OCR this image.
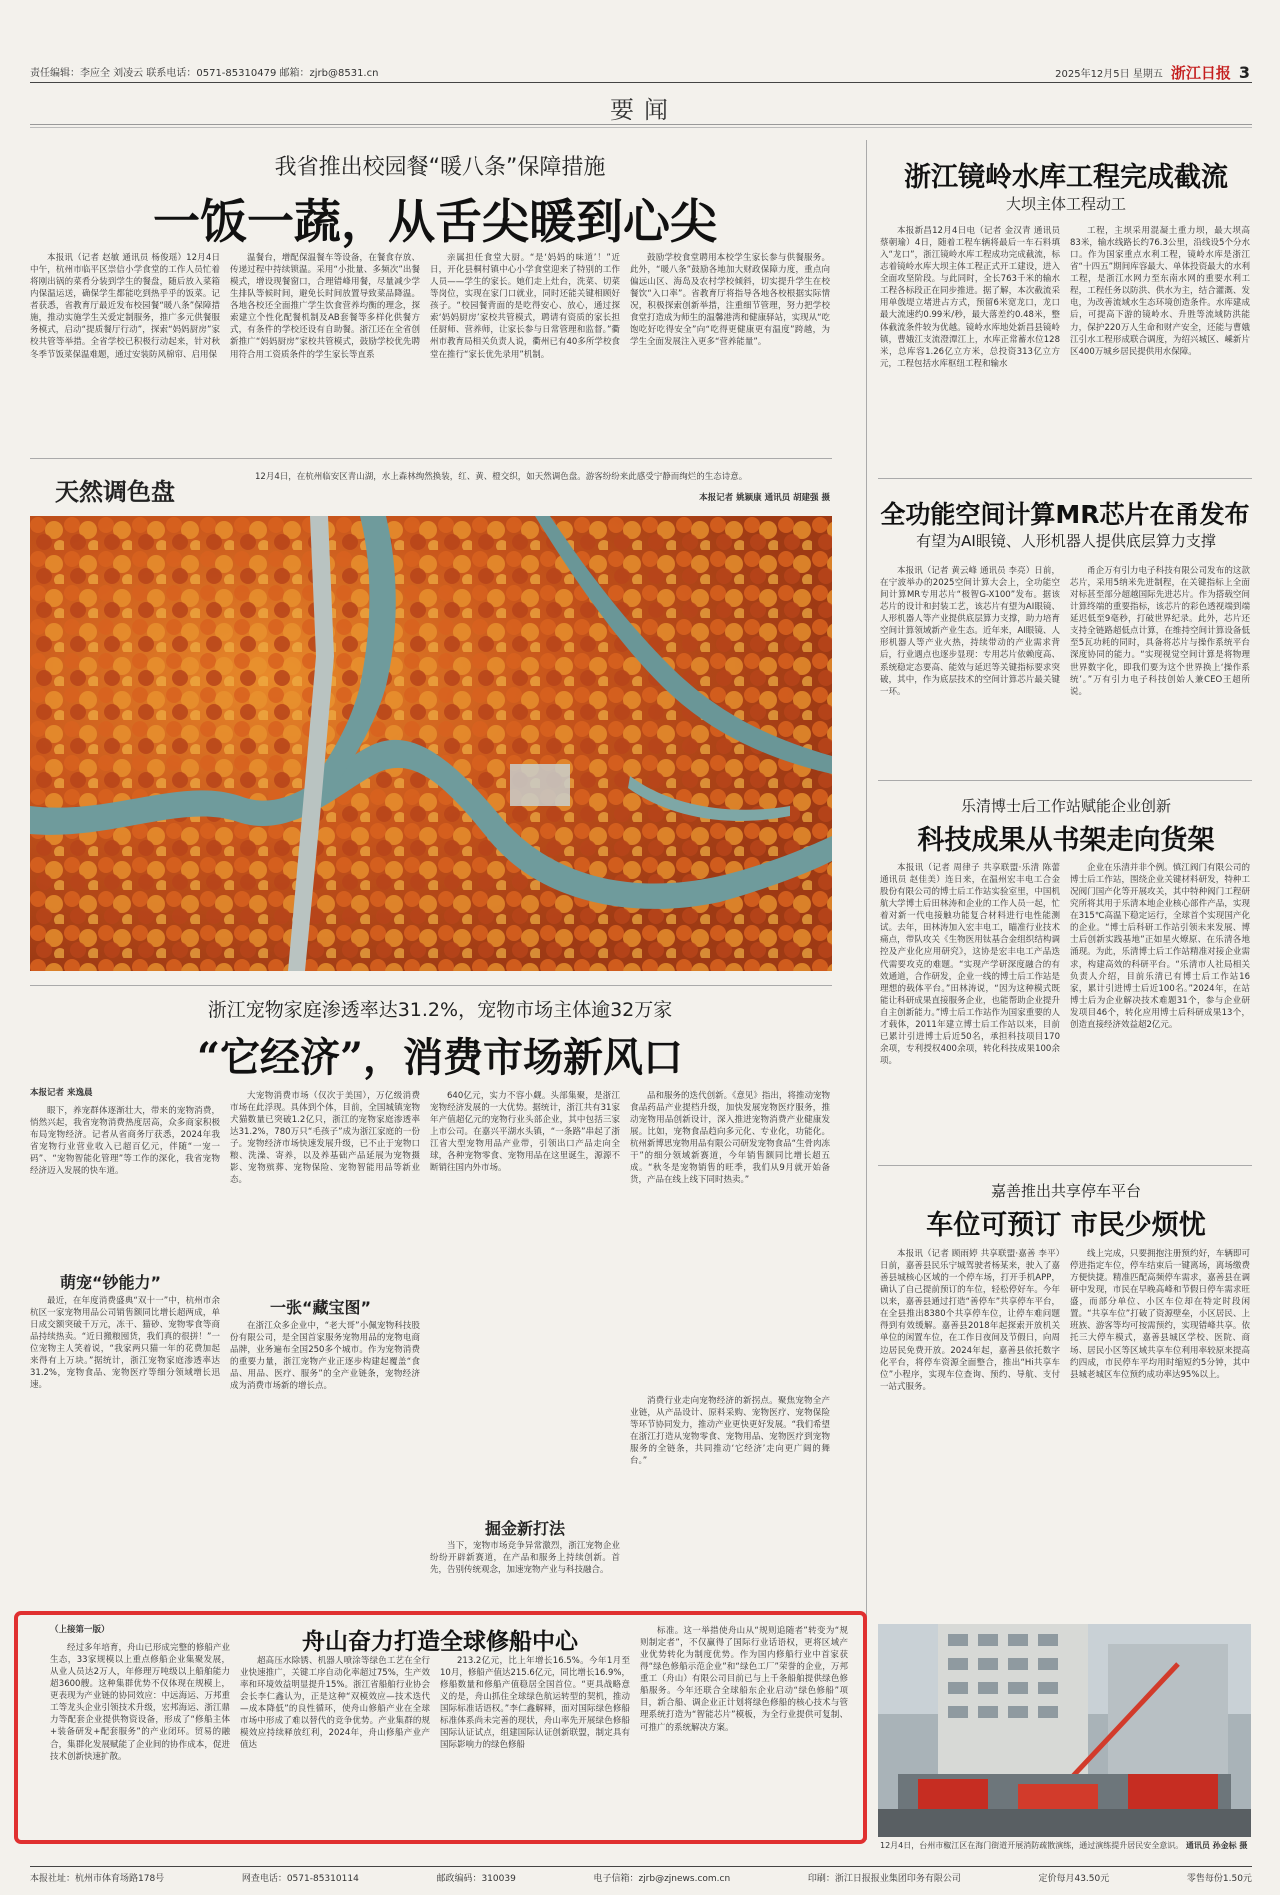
责任编辑：李应全 刘凌云 联系电话：0571-85310479 邮箱：zjrb@8531.cn	2025年12月5日 星期五 浙江日报 3
要闻
我省推出校园餐“暖八条”保障措施
一饭一蔬，从舌尖暖到心尖

本报讯（记者 赵敏 通讯员 杨俊瑶）12月4日中午，杭州市临平区崇信小学食堂的工作人员忙着将刚出锅的菜肴分装到学生的餐盘，随后放入菜箱内保温运送，确保学生都能吃到热乎乎的饭菜。记者获悉，省教育厅最近发布校园餐“暖八条”保障措施，推动实施学生关爱定制服务，推广多元供餐服务模式，启动“提质餐厅行动”，探索“妈妈厨房”家校共管等举措。全省学校已积极行动起来，针对秋冬季节饭菜保温难题，通过安装防风棉帘、启用保

温餐台，增配保温餐车等设备，在餐食存放、传递过程中持续锁温。采用“小批量、多频次”出餐模式，增设现餐窗口，合理错峰用餐，尽量减少学生排队等候时间，避免长时间放置导致菜品降温。各地各校还全面推广学生饮食营养均衡的理念，探索建立个性化配餐机制及AB套餐等多样化供餐方式，有条件的学校还设有自助餐。浙江还在全省创新推广“妈妈厨房”家校共管模式，鼓励学校优先聘用符合用工资质条件的学生家长等直系

亲属担任食堂大厨。“是‘妈妈的味道’！”近日，开化县桐村镇中心小学食堂迎来了特别的工作人员——学生的家长。她们走上灶台，洗菜、切菜等岗位，实现在家门口就业，同时还能关键相顾好孩子。“校园餐背面的是吃得安心、放心，通过探索‘妈妈厨房’家校共管模式，聘请有资质的家长担任厨师、营养师，让家长参与日常管理和监督。”衢州市教育局相关负责人说，衢州已有40多所学校食堂在推行“家长优先录用”机制。

鼓励学校食堂聘用本校学生家长参与供餐服务。此外，“暖八条”鼓励各地加大财政保障力度，重点向偏远山区、海岛及农村学校倾斜，切实提升学生在校餐饮“入口率”。省教育厅将指导各地各校根据实际情况，积极探索创新举措，注重细节管理，努力把学校食堂打造成为师生的温馨港湾和健康驿站，实现从“吃饱吃好吃得安全”向“吃得更健康更有温度”跨越，为学生全面发展注入更多“营养能量”。

天然调色盘	12月4日，在杭州临安区青山湖，水上森林绚然换装，红、黄、橙交织，如天然调色盘。游客纷纷来此感受宁静而绚烂的生态诗意。
本报记者 姚颖康 通讯员 胡建强 摄
浙江宠物家庭渗透率达31.2%，宠物市场主体逾32万家
“它经济”，消费市场新风口
本报记者 来逸晨

眼下，养宠群体逐渐壮大，带来的宠物消费，悄然兴起，我省宠物消费热度居高，众多商家积极布局宠物经济。记者从省商务厅获悉，2024年我省宠物行业营业收入已超百亿元，伴随“一宠一码”、“宠物智能化管理”等工作的深化，我省宠物经济迈入发展的快车道。

萌宠“钞能力”

最近，在年度消费盛典“双十一”中，杭州市余杭区一家宠物用品公司销售额同比增长超两成，单日成交额突破千万元，冻干、猫砂、宠物零食等商品持续热卖。“近日搬粮囤货，我们真的很拼！”一位宠物主人笑着说，“我家两只猫一年的花费加起来得有上万块。”据统计，浙江宠物家庭渗透率达31.2%，宠物食品、宠物医疗等细分领域增长迅速。

大宠物消费市场（仅次于美国），万亿级消费市场在此浮现。具体到个体，目前，全国城镇宠物犬猫数量已突破1.2亿只，浙江的宠物家庭渗透率达31.2%，780万只“毛孩子”成为浙江家庭的一份子。宠物经济市场快速发展升级，已不止于宠物口粮、洗澡、寄养，以及养基础产品延展为宠物摄影、宠物殡葬、宠物保险、宠物智能用品等新业态。

一张“藏宝图”

在浙江众多企业中，“老大哥”小佩宠物科技股份有限公司，是全国首家服务宠物用品的宠物电商品牌，业务遍布全国250多个城市。作为宠物消费的重要力量，浙江宠物产业正逐步构建起覆盖“食品、用品、医疗、服务”的全产业链条，宠物经济成为消费市场新的增长点。

640亿元，实力不容小觑。头部集聚，是浙江宠物经济发展的一大优势。据统计，浙江共有31家年产值超亿元的宠物行业头部企业，其中包括三家上市公司。在嘉兴平湖水头镇，“一条路”串起了浙江省大型宠物用品产业带，引领出口产品走向全球，各种宠物零食、宠物用品在这里诞生，源源不断销往国内外市场。

掘金新打法

当下，宠物市场竞争异常激烈，浙江宠物企业纷纷开辟新赛道，在产品和服务上持续创新。首先，告别传统观念，加速宠物产业与科技融合。

品和服务的迭代创新。《意见》指出，将推动宠物食品药品产业提档升级，加快发展宠物医疗服务，推动宠物用品创新设计，深入推进宠物消费产业健康发展。比如，宠物食品趋向多元化、专业化，功能化。杭州新博思宠物用品有限公司研发宠物食品“生骨肉冻干”的细分领域新赛道，今年销售额同比增长超五成。“秋冬是宠物销售的旺季，我们从9月就开始备货，产品在线上线下同时热卖。”

消费行业走向宠物经济的新拐点。聚焦宠物全产业链，从产品设计、原料采购、宠物医疗、宠物保险等环节协同发力，推动产业更快更好发展。“我们希望在浙江打造从宠物零食、宠物用品、宠物医疗到宠物服务的全链条，共同推动‘它经济’走向更广阔的舞台。”

（上接第一版）	舟山奋力打造全球修船中心

经过多年培育，舟山已形成完整的修船产业生态，33家规模以上重点修船企业集聚发展，从业人员达2万人，年修理万吨级以上船舶能力超3600艘。这种集群优势不仅体现在规模上，更表现为产业链的协同效应：中远海运、万邦重工等龙头企业引领技术升级，宏邦海运、浙江鼎力等配套企业提供物资设备，形成了“修船主体+装备研发+配套服务”的产业闭环。贸易的融合，集群化发展赋能了企业间的协作成本，促进技术创新快速扩散。

超高压水除锈、机器人喷涂等绿色工艺在全行业快速推广，关键工序自动化率超过75%，生产效率和环境效益明显提升15%。浙江省船舶行业协会会长李仁鑫认为，正是这种“双模效应—技术迭代—成本降低”的良性循环，使舟山修船产业在全球市场中形成了难以替代的竞争优势。产业集群的规模效应持续释放红利，2024年，舟山修船产业产值达

213.2亿元，比上年增长16.5%。今年1月至10月，修船产值达215.6亿元，同比增长16.9%，修船数量和修船产值稳居全国首位。“更具战略意义的是，舟山抓住全球绿色航运转型的契机，推动国际标准话语权。”李仁鑫解释，面对国际绿色修船标准体系尚未完善的现状，舟山率先开展绿色修船国际认证试点，组建国际认证创新联盟，制定具有国际影响力的绿色修船

标准。这一举措使舟山从“规则追随者”转变为“规则制定者”，不仅赢得了国际行业话语权，更将区域产业优势转化为制度优势。作为国内修船行业中首家获得“绿色修船示范企业”和“绿色工厂”荣誉的企业，万邦重工（舟山）有限公司目前已与上千条船舶提供绿色修船服务。今年还联合全球船东企业启动“绿色修船”项目，新合船、调企业正计划将绿色修船的核心技术与管理系统打造为“智能芯片”模板，为全行业提供可复制、可推广的系统解决方案。

浙江镜岭水库工程完成截流
大坝主体工程动工

本报新昌12月4日电（记者 金汉青 通讯员 蔡朝瑜）4日，随着工程车辆将最后一车石料填入“龙口”，浙江镜岭水库工程成功完成截流，标志着镜岭水库大坝主体工程正式开工建设，进入全面攻坚阶段。与此同时，全长763千米的输水工程各标段正在同步推进。据了解，本次截流采用单戗堤立堵进占方式，预留6米宽龙口，龙口最大流速约0.99米/秒，最大落差约0.48米，整体截流条件较为优越。镜岭水库地处新昌县镜岭镇，曹娥江支流澄潭江上，水库正常蓄水位128米，总库容1.26亿立方米，总投资313亿立方元，工程包括水库枢纽工程和输水

工程，主坝采用混凝土重力坝，最大坝高83米，输水线路长约76.3公里，沿线设5个分水口。作为国家重点水利工程，镜岭水库是浙江省“十四五”期间库容最大、单体投资最大的水利工程，是浙江水网力至东南水网的重要水利工程，工程任务以防洪、供水为主，结合灌溉、发电，为改善流域水生态环境创造条件。水库建成后，可提高下游的镜岭水、升胜等流域防洪能力，保护220万人生命和财产安全，还能与曹娥江引水工程形成联合调度，为绍兴城区、嵊新片区400万城乡居民提供用水保障。

全功能空间计算MR芯片在甬发布
有望为AI眼镜、人形机器人提供底层算力支撑

本报讯（记者 黄云峰 通讯员 李亮）日前，在宁波举办的2025空间计算大会上，全功能空间计算MR专用芯片“极智G-X100”发布。据该芯片的设计和封装工艺，该芯片有望为AI眼镜、人形机器人等产业提供底层算力支撑，助力培育空间计算领域新产业生态。近年来，AI眼镜、人形机器人等产业火热，持续带动的产业需求背后，行业遇点也逐步显现：专用芯片依赖度高、系统稳定态要高、能效与延迟等关键指标要求突破，其中，作为底层技术的空间计算芯片最关键一环。

甬企万有引力电子科技有限公司发布的这款芯片，采用5纳米先进制程，在关键指标上全面对标甚至部分超越国际先进芯片。作为搭载空间计算终端的重要指标，该芯片的彩色透视端到端延迟低至9毫秒，打破世界纪录。此外，芯片还支持全链路超低点计算，在维持空间计算设备低至5瓦功耗的同时，具备将芯片与操作系统平台深度协同的能力。“实现视觉空间计算是将物理世界数字化，即我们要为这个世界换上‘操作系统’。”万有引力电子科技创始人兼CEO王超所说。

乐清博士后工作站赋能企业创新
科技成果从书架走向货架

本报讯（记者 周律子 共享联盟·乐清 陈蕾 通讯员 赵佳美）连日来，在温州宏丰电工合金股份有限公司的博士后工作站实验室里，中国机航大学博士后田林涛和企业的工作人员一起，忙着对新一代电接触功能复合材料进行电性能测试。去年，田林涛加入宏丰电工，瞄准行业技术痛点，带队攻关《生物医用钛基合金组织结构调控及产业化应用研究》，这协是宏丰电工产品迭代需要攻克的难题。“实现产学研深度融合的有效通道，合作研发，企业一线的博士后工作站是理想的载体平台。”田林涛说，“因为这种模式既能让科研成果直接服务企业，也能帮助企业提升自主创新能力。”博士后工作站作为国家重要的人才载体，2011年建立博士后工作站以来，目前已累计引进博士后近50名，承担科技项目170余项，专利授权400余项，转化科技成果100余项。

企业在乐清并非个例。慎江阀门有限公司的博士后工作站，围绕企业关键材料研发，特种工况阀门国产化等开展攻关，其中特种阀门工程研究所将其用于乐清本地企业核心部件产品，实现在315℃高温下稳定运行，全球首个实现国产化的企业。“博士后科研工作站引领未来发展、博士后创新实践基地”正如星火燎原、在乐清各地涌现。为此，乐清博士后工作站精准对接企业需求，构建高效的科研平台。“乐清市人社局相关负责人介绍，目前乐清已有博士后工作站16家，累计引进博士后近100名。”2024年，在站博士后为企业解决技术难题31个，参与企业研发项目46个，转化应用博士后科研成果13个，创造直接经济效益超2亿元。

嘉善推出共享停车平台
车位可预订 市民少烦忧

本报讯（记者 顾雨婷 共享联盟·嘉善 李平）日前，嘉善县民乐宁城驾驶者杨某来，驶入了嘉善县城核心区域的一个停车场，打开手机APP，确认了自己提前预订的车位，轻松停好车。今年以来，嘉善县通过打造“善停车”共享停车平台，在全县推出8380个共享停车位，让停车难问题得到有效缓解。嘉善县2018年起探索开放机关单位的闲置车位，在工作日夜间及节假日，向周边居民免费开放。2024年起，嘉善县依托数字化平台，将停车资源全面整合，推出“Hi共享车位”小程序，实现车位查询、预约、导航、支付一站式服务。

线上完成，只要拥抱注册预约好，车辆即可停进指定车位，停车结束后一键离场，离场缴费方便快捷。精准匹配高频停车需求，嘉善县在调研中发现，市民在早晚高峰和节假日停车需求旺盛，而部分单位、小区车位却在特定时段闲置。“共享车位”打破了资源壁垒，小区居民、上班族、游客等均可按需预约，实现错峰共享。依托三大停车模式，嘉善县城区学校、医院、商场、居民小区等区域共享车位利用率较原来提高约四成，市民停车平均用时缩短约5分钟，其中县城老城区车位预约成功率达95%以上。

12月4日，台州市椒江区在海门街道开展消防疏散演练，通过演练提升居民安全意识。 通讯员 孙金标 摄
本报社址：杭州市体育场路178号	网查电话：0571-85310114	邮政编码：310039	电子信箱：zjrb@zjnews.com.cn	印刷：浙江日报报业集团印务有限公司	定价每月43.50元	零售每份1.50元
